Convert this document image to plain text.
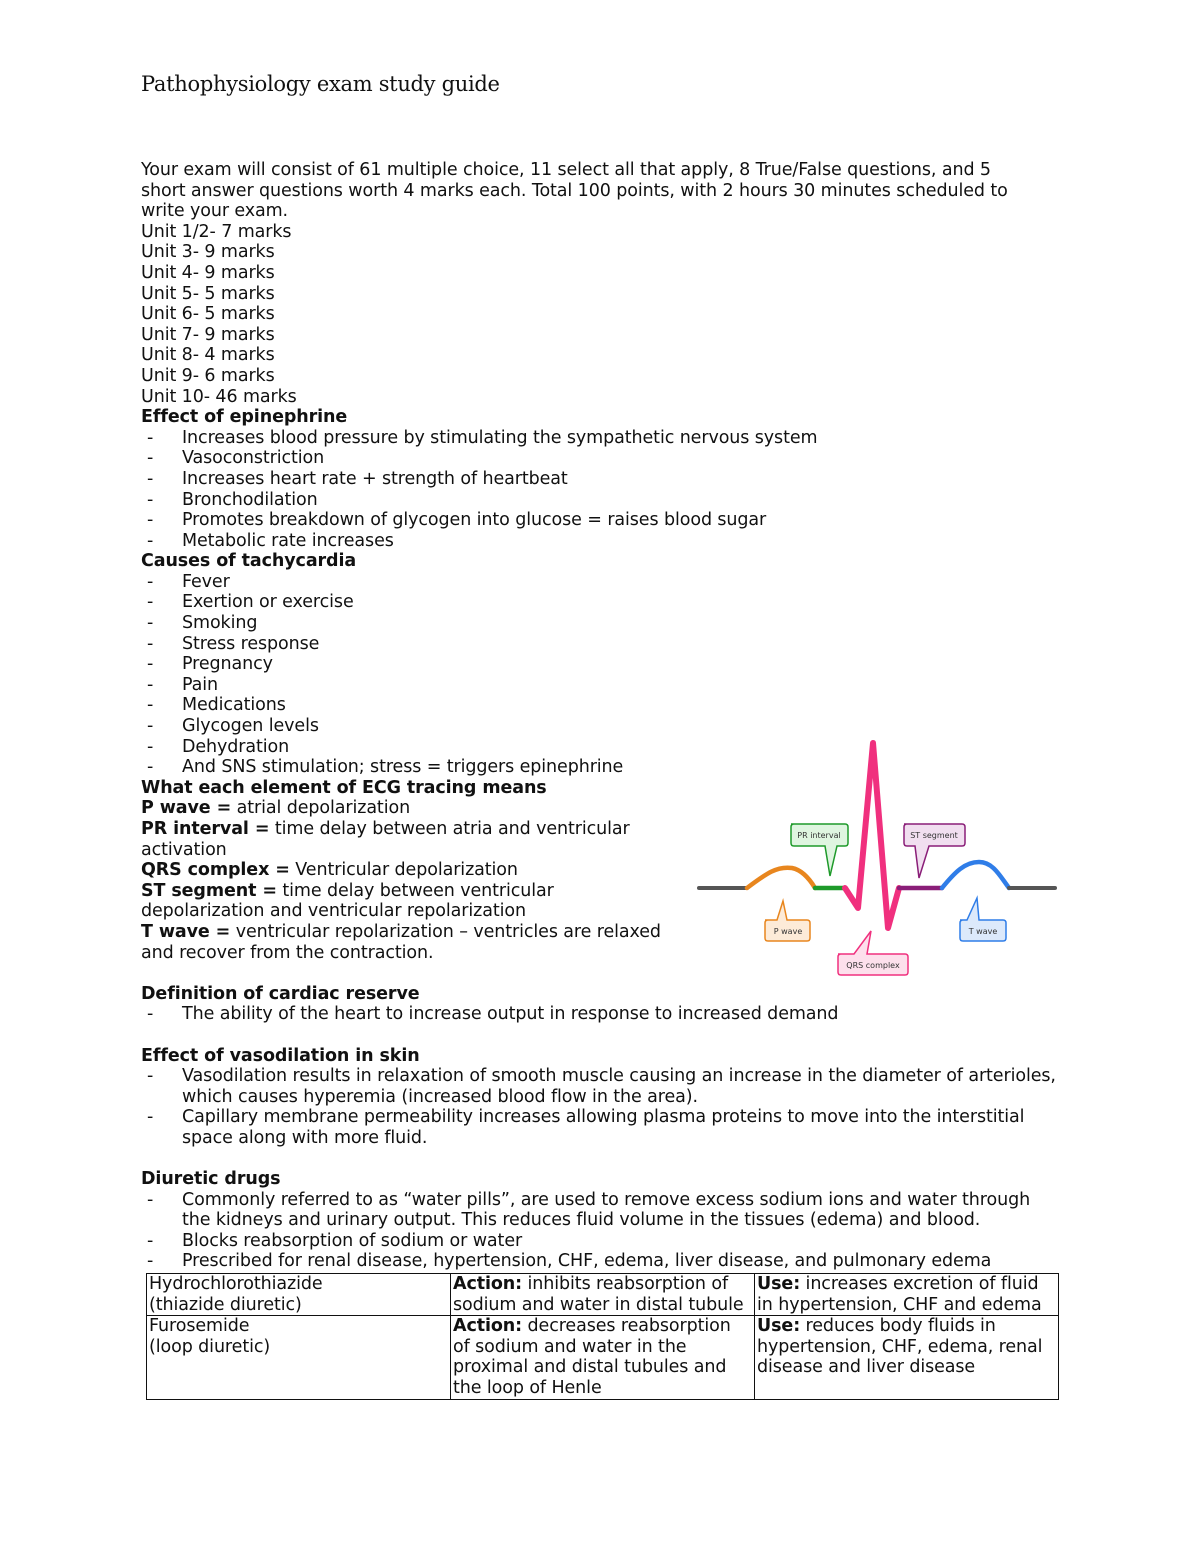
Pathophysiology exam study guide
Your exam will consist of 61 multiple choice, 11 select all that apply, 8 True/False questions, and 5
short answer questions worth 4 marks each. Total 100 points, with 2 hours 30 minutes scheduled to
write your exam.
Unit 1/2- 7 marks
Unit 3- 9 marks
Unit 4- 9 marks
Unit 5- 5 marks
Unit 6- 5 marks
Unit 7- 9 marks
Unit 8- 4 marks
Unit 9- 6 marks
Unit 10- 46 marks
Effect of epinephrine
- Increases blood pressure by stimulating the sympathetic nervous system
- Vasoconstriction
- Increases heart rate + strength of heartbeat
- Bronchodilation
- Promotes breakdown of glycogen into glucose = raises blood sugar
- Metabolic rate increases
Causes of tachycardia
- Fever
- Exertion or exercise
- Smoking
- Stress response
- Pregnancy
- Pain
- Medications
- Glycogen levels
- Dehydration
- And SNS stimulation; stress = triggers epinephrine
What each element of ECG tracing means
P wave = atrial depolarization
PR interval = time delay between atria and ventricular activation
QRS complex = Ventricular depolarization
ST segment = time delay between ventricular depolarization and ventricular repolarization
T wave = ventricular repolarization – ventricles are relaxed and recover from the contraction.
Definition of cardiac reserve
- The ability of the heart to increase output in response to increased demand
Effect of vasodilation in skin
- Vasodilation results in relaxation of smooth muscle causing an increase in the diameter of arterioles, which causes hyperemia (increased blood flow in the area).
- Capillary membrane permeability increases allowing plasma proteins to move into the interstitial space along with more fluid.
Diuretic drugs
- Commonly referred to as “water pills”, are used to remove excess sodium ions and water through the kidneys and urinary output. This reduces fluid volume in the tissues (edema) and blood.
- Blocks reabsorption of sodium or water
- Prescribed for renal disease, hypertension, CHF, edema, liver disease, and pulmonary edema
PR interval	ST segment
P wave	T wave
QRS complex
Hydrochlorothiazide
(thiazide diuretic)	Action: inhibits reabsorption of sodium and water in distal tubule	Use: increases excretion of fluid in hypertension, CHF and edema

Furosemide
(loop diuretic)	Action: decreases reabsorption of sodium and water in the proximal and distal tubules and the loop of Henle	Use: reduces body fluids in hypertension, CHF, edema, renal disease and liver disease
